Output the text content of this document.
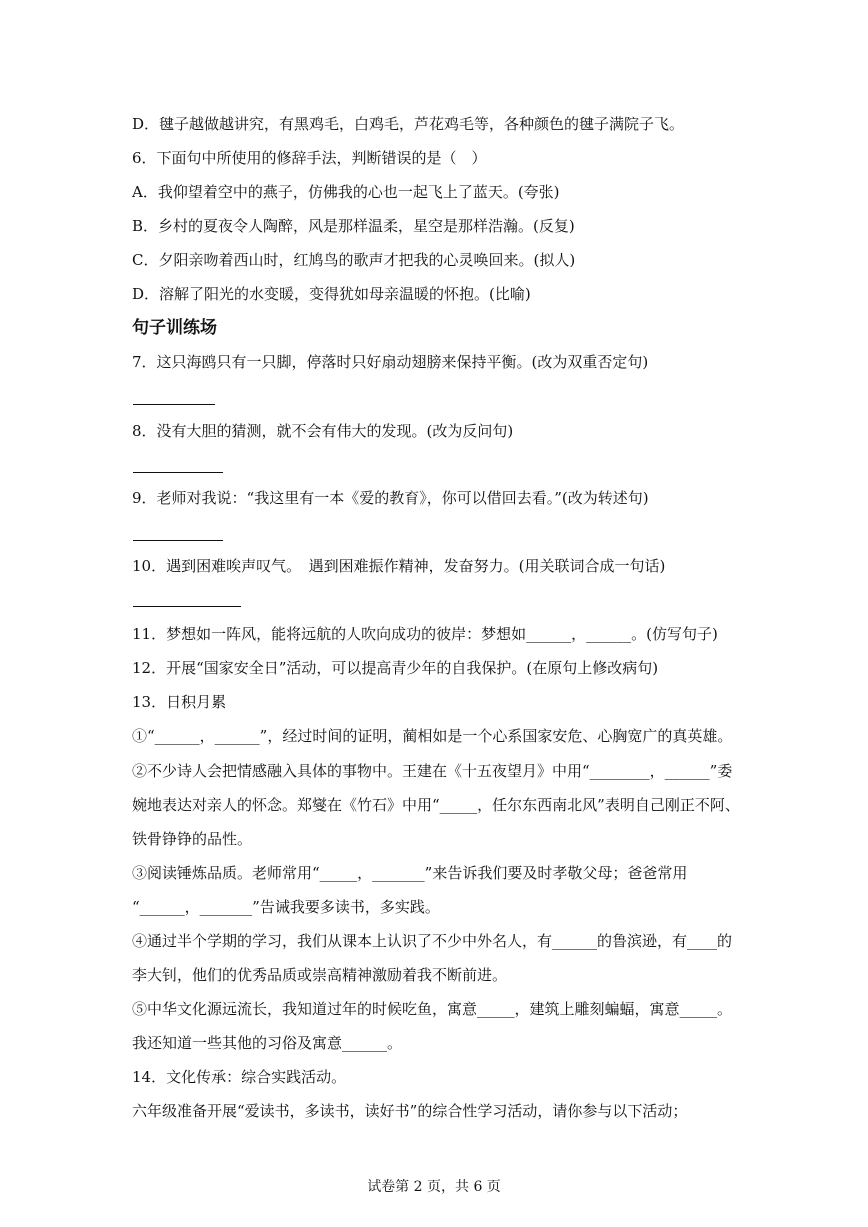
D．毽子越做越讲究，有黑鸡毛，白鸡毛，芦花鸡毛等，各种颜色的毽子满院子飞。
6．下面句中所使用的修辞手法，判断错误的是（　）
A．我仰望着空中的燕子，仿佛我的心也一起飞上了蓝天。(夸张)
B．乡村的夏夜令人陶醉，风是那样温柔，星空是那样浩瀚。(反复)
C．夕阳亲吻着西山时，红鸠鸟的歌声才把我的心灵唤回来。(拟人)
D．溶解了阳光的水变暖，变得犹如母亲温暖的怀抱。(比喻)
句子训练场
7．这只海鸥只有一只脚，停落时只好扇动翅膀来保持平衡。(改为双重否定句)
8．没有大胆的猜测，就不会有伟大的发现。(改为反问句)
9．老师对我说：“我这里有一本《爱的教育》，你可以借回去看。”(改为转述句)
10．遇到困难唉声叹气。　遇到困难振作精神，发奋努力。(用关联词合成一句话)
11．梦想如一阵风，能将远航的人吹向成功的彼岸：梦想如______，______。(仿写句子)
12．开展“国家安全日”活动，可以提高青少年的自我保护。(在原句上修改病句)
13．日积月累
①“______，______”，经过时间的证明，蔺相如是一个心系国家安危、心胸宽广的真英雄。
②不少诗人会把情感融入具体的事物中。王建在《十五夜望月》中用“________，______”委
婉地表达对亲人的怀念。郑燮在《竹石》中用“_____，任尔东西南北风”表明自己刚正不阿、
铁骨铮铮的品性。
③阅读锤炼品质。老师常用“_____，_______”来告诉我们要及时孝敬父母；爸爸常用
“______，_______”告诫我要多读书，多实践。
④通过半个学期的学习，我们从课本上认识了不少中外名人，有______的鲁滨逊，有____的
李大钊，他们的优秀品质或崇高精神激励着我不断前进。
⑤中华文化源远流长，我知道过年的时候吃鱼，寓意_____，建筑上雕刻蝙蝠，寓意_____。
我还知道一些其他的习俗及寓意______。
14．文化传承：综合实践活动。
六年级准备开展“爱读书，多读书，读好书”的综合性学习活动，请你参与以下活动；
试卷第 2 页，共 6 页
